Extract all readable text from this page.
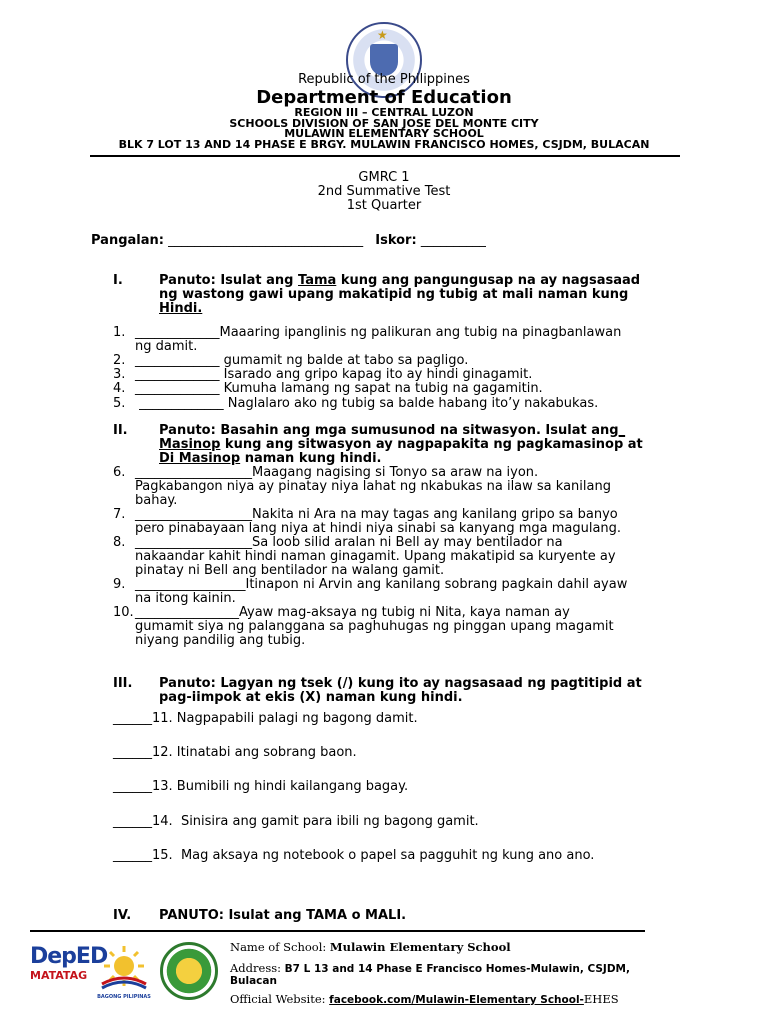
★
Republic of the Philippines
Department of Education
REGION III – CENTRAL LUZON
SCHOOLS DIVISION OF SAN JOSE DEL MONTE CITY
MULAWIN ELEMENTARY SCHOOL
BLK 7 LOT 13 AND 14 PHASE E BRGY. MULAWIN FRANCISCO HOMES, CSJDM, BULACAN
GMRC 1
2nd Summative Test
1st Quarter
Pangalan: ______________________________ Iskor: __________
I.	Panuto: Isulat ang Tama kung ang pangungusap na ay nagsasaad
ng wastong gawi upang makatipid ng tubig at mali naman kung
Hindi.
1. _____________Maaaring ipanglinis ng palikuran ang tubig na pinagbanlawan
ng damit.
2. _____________ gumamit ng balde at tabo sa pagligo.
3. _____________ Isarado ang gripo kapag ito ay hindi ginagamit.
4. _____________ Kumuha lamang ng sapat na tubig na gagamitin.
5. _____________ Naglalaro ako ng tubig sa balde habang ito’y nakabukas.
II. Panuto: Basahin ang mga sumusunod na sitwasyon. Isulat ang_
Masinop kung ang sitwasyon ay nagpapakita ng pagkamasinop at
Di Masinop naman kung hindi.
6. __________________Maagang nagising si Tonyo sa araw na iyon.
Pagkabangon niya ay pinatay niya lahat ng nkabukas na ilaw sa kanilang
bahay.
7. __________________Nakita ni Ara na may tagas ang kanilang gripo sa banyo
pero pinabayaan lang niya at hindi niya sinabi sa kanyang mga magulang.
8. __________________Sa loob silid aralan ni Bell ay may bentilador na
nakaandar kahit hindi naman ginagamit. Upang makatipid sa kuryente ay
pinatay ni Bell ang bentilador na walang gamit.
9. _________________Itinapon ni Arvin ang kanilang sobrang pagkain dahil ayaw
na itong kainin.
10. ________________Ayaw mag-aksaya ng tubig ni Nita, kaya naman ay
gumamit siya ng palanggana sa paghuhugas ng pinggan upang magamit
niyang pandilig ang tubig.
III. Panuto: Lagyan ng tsek (/) kung ito ay nagsasaad ng pagtitipid at
pag-iimpok at ekis (X) naman kung hindi.
______11. Nagpapabili palagi ng bagong damit.
______12. Itinatabi ang sobrang baon.
______13. Bumibili ng hindi kailangang bagay.
______14.  Sinisira ang gamit para ibili ng bagong gamit.
______15.  Mag aksaya ng notebook o papel sa pagguhit ng kung ano ano.
IV. PANUTO: Isulat ang TAMA o MALI.
DepED
MATATAG
BAGONG PILIPINAS
Name of School: Mulawin Elementary School
Address: B7 L 13 and 14 Phase E Francisco Homes-Mulawin, CSJDM,
Bulacan
Official Website: facebook.com/Mulawin-Elementary School-EHES
